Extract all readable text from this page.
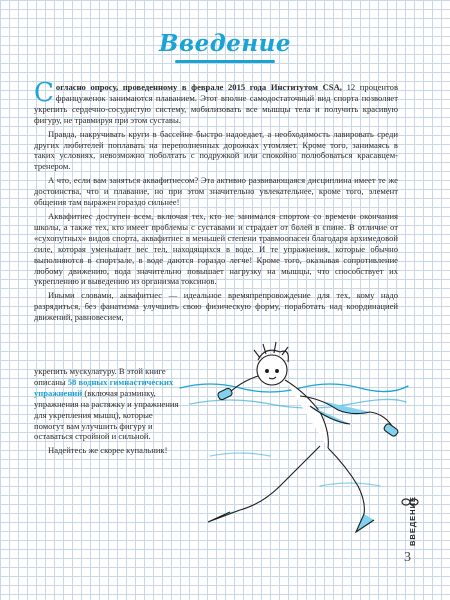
Введение

Согласно опросу, проведенному в феврале 2015 года Институтом CSA, 12 процентов француженок занимаются плаванием. Этот вполне самодостаточный вид спорта позволяет укрепить сердечно-сосудистую систему, мобилизовать все мышцы тела и получить красивую фигуру, не травмируя при этом суставы.

Правда, накручивать круги в бассейне быстро надоедает, а необходимость лавировать среди других любителей поплавать на переполненных дорожках утомляет. Кроме того, занимаясь в таких условиях, невозможно поболтать с подружкой или спокойно полюбоваться красавцем-тренером.

А что, если вам заняться аквафитнесом? Эта активно развивающаяся дисциплина имеет те же достоинства, что и плавание, но при этом значительно увлекательнее, кроме того, элемент общения там выражен гораздо сильнее!

Аквафитнес доступен всем, включая тех, кто не занимался спортом со времени окончания школы, а также тех, кто имеет проблемы с суставами и страдает от болей в спине. В отличие от «сухопутных» видов спорта, аквафитнес в меньшей степени травмоопасен благодаря архимедовой силе, которая уменьшает вес тел, находящихся в воде. И те упражнения, которые обычно выполняются в спортзале, в воде даются гораздо легче! Кроме того, оказывая сопротивление любому движению, вода значительно повышает нагрузку на мышцы, что способствует их укреплению и выведению из организма токсинов.

Иными словами, аквафитнес — идеальное времяпрепровождение для тех, кому надо разрядиться, без фанатизма улучшить свою физическую форму, поработать над координацией движений, равновесием,

укрепить мускулатуру. В этой книге описаны 58 водных гимнастических упражнений (включая разминку, упражнения на растяжку и упражнения для укрепления мышц), которые помогут вам улучшить фигуру и оставаться стройной и сильной.

Надейтесь же скорее купальник!

ВВЕДЕНИЕ
3
